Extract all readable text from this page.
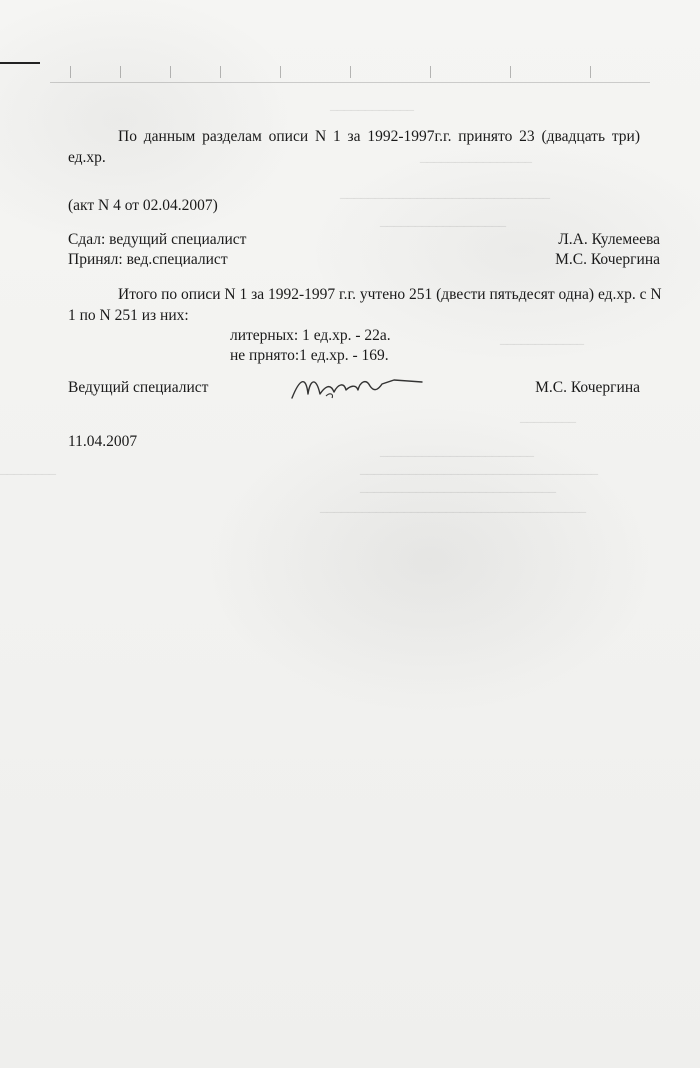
____________
________________
______________________________
__________________
____________
________
______________________
__________________________________
____________________________
______________________________________
________
По данным разделам описи N 1 за 1992-1997г.г. принято 23 (двадцать три) ед.хр.
(акт N 4 от 02.04.2007)
Сдал: ведущий специалист	Л.А. Кулемеева
Принял: вед.специалист	М.С. Кочергина
Итого по описи N 1 за 1992-1997 г.г. учтено 251 (двести пятьдесят одна) ед.хр. с N 1 по N 251 из них:
литерных: 1 ед.хр. - 22а.
не прнято:1 ед.хр. - 169.
Ведущий специалист	М.С. Кочергина
11.04.2007
